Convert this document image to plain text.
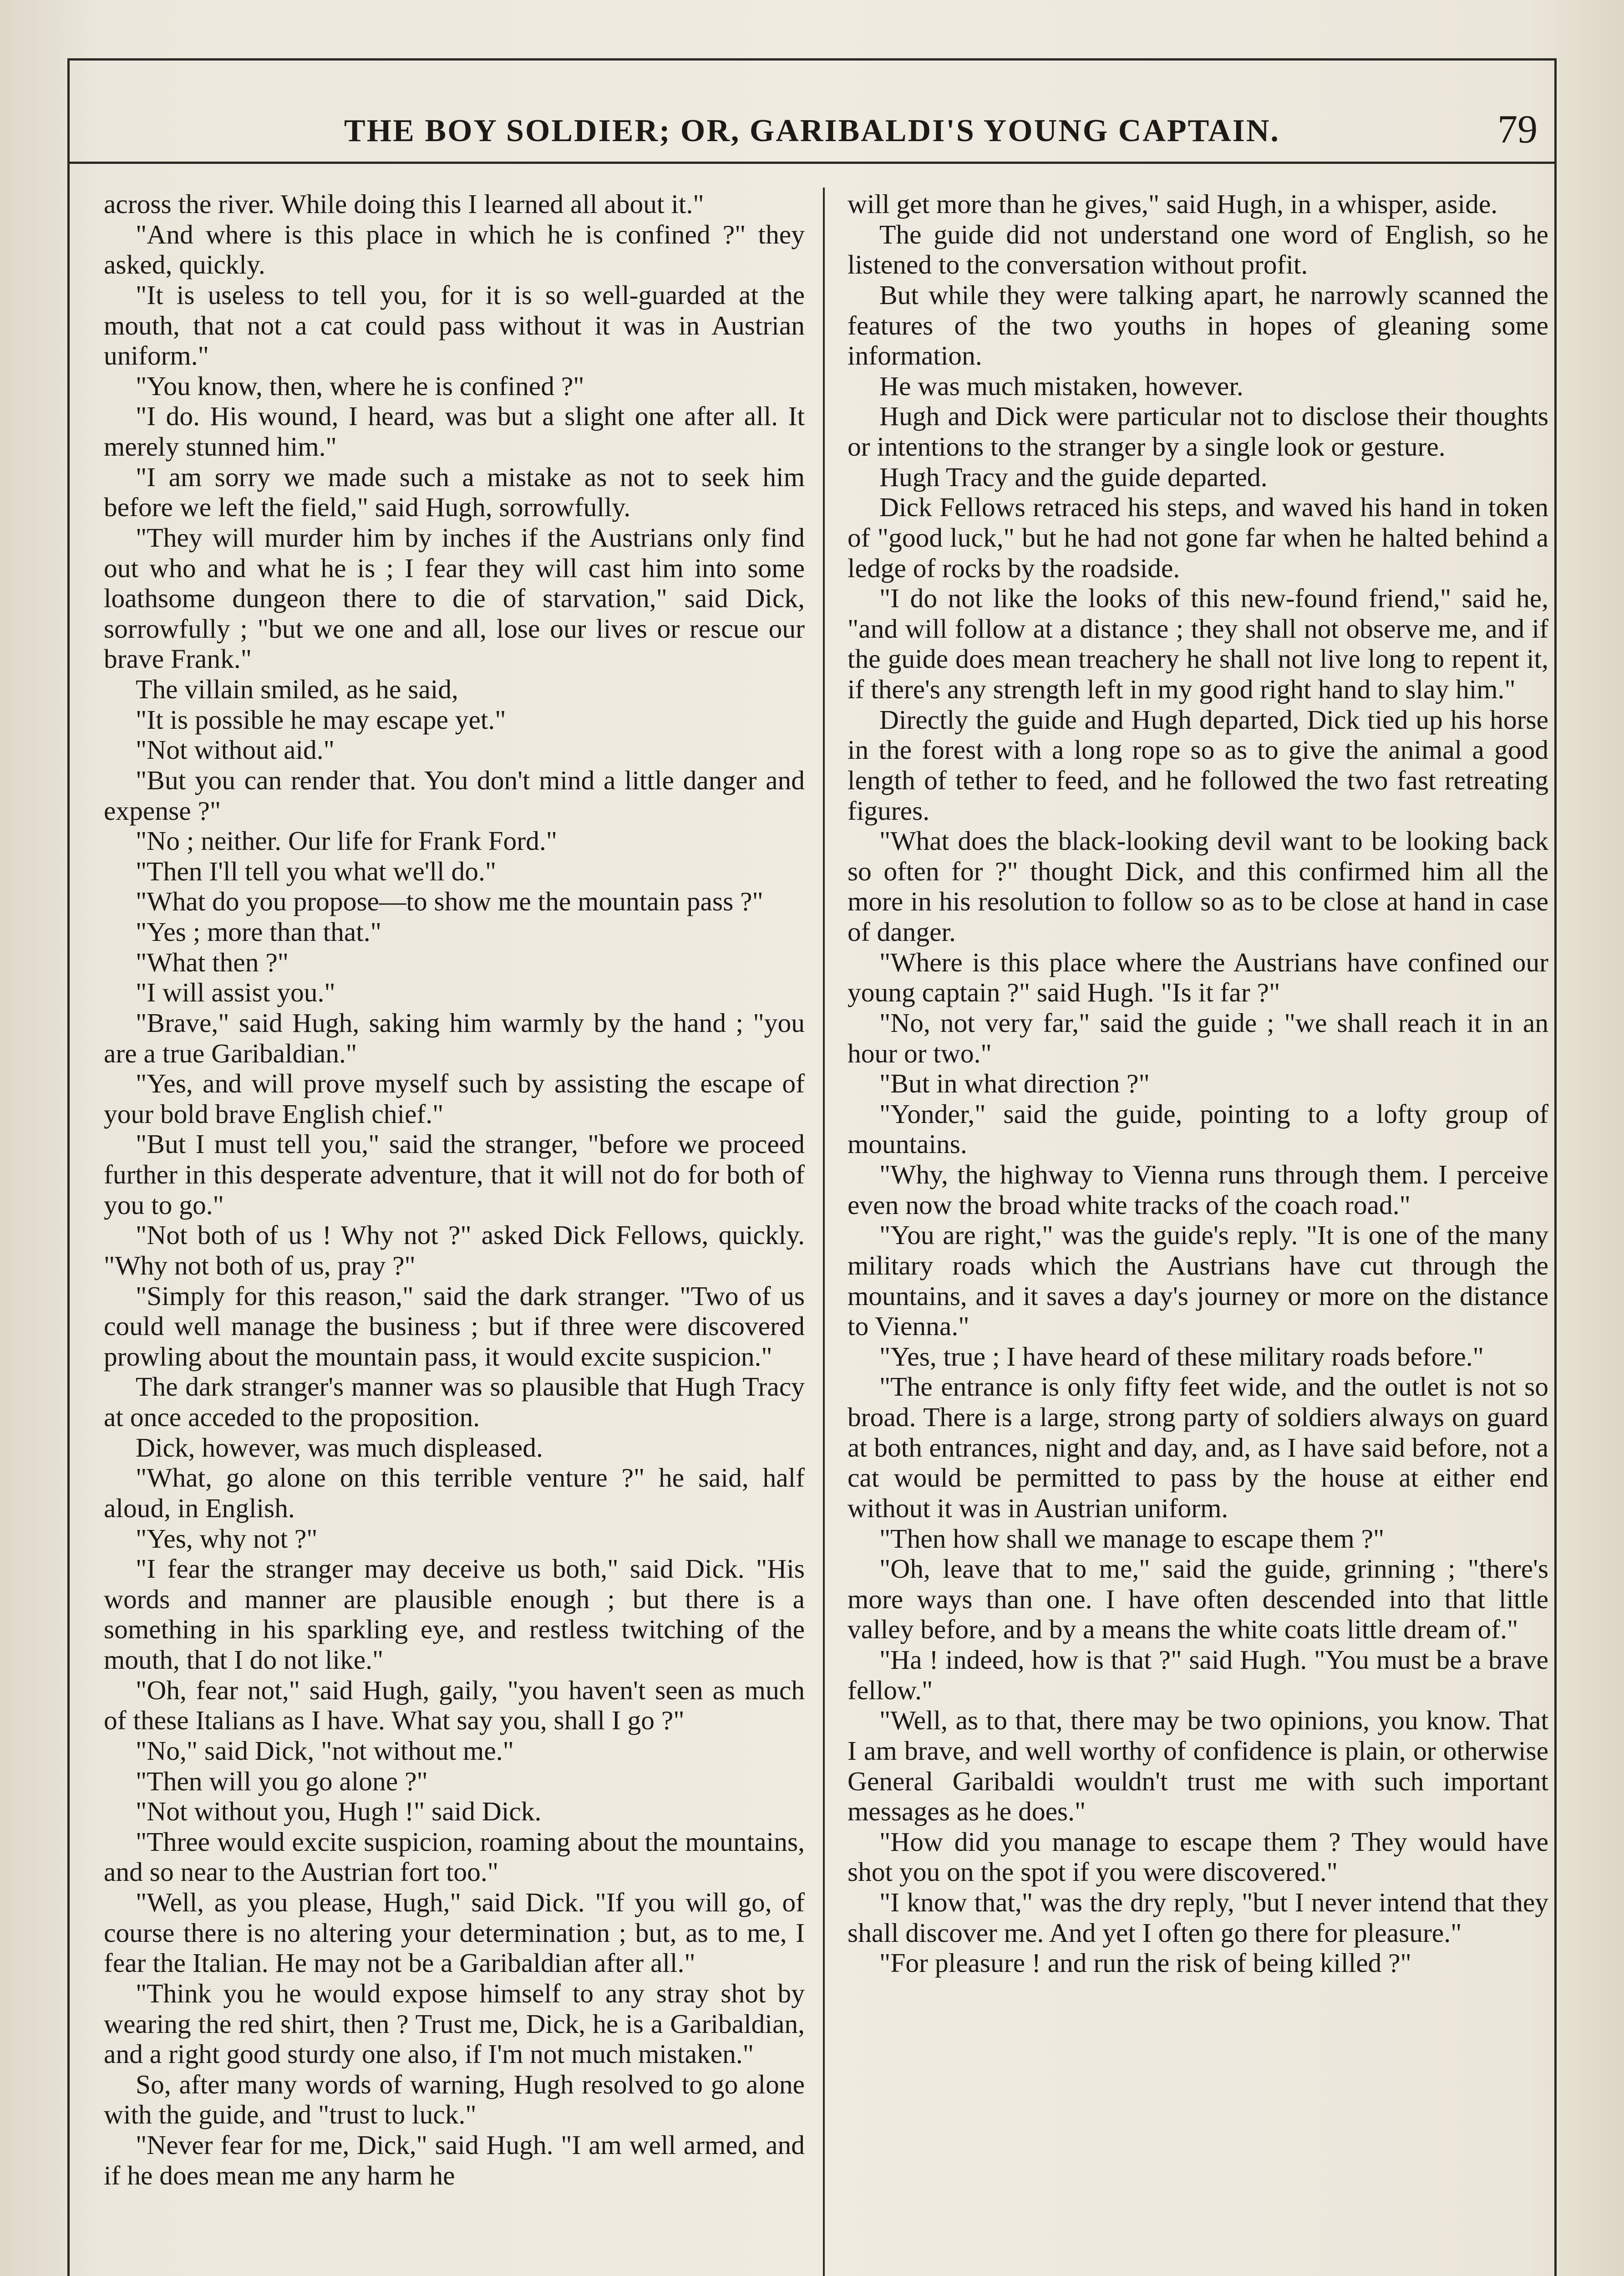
THE BOY SOLDIER; OR, GARIBALDI'S YOUNG CAPTAIN.	79

across the river. While doing this I learned all about it."

"And where is this place in which he is confined ?" they asked, quickly.

"It is useless to tell you, for it is so well-guarded at the mouth, that not a cat could pass without it was in Austrian uniform."

"You know, then, where he is confined ?"

"I do. His wound, I heard, was but a slight one after all. It merely stunned him."

"I am sorry we made such a mistake as not to seek him before we left the field," said Hugh, sorrowfully.

"They will murder him by inches if the Austrians only find out who and what he is ; I fear they will cast him into some loathsome dungeon there to die of starvation," said Dick, sorrowfully ; "but we one and all, lose our lives or rescue our brave Frank."

The villain smiled, as he said,

"It is possible he may escape yet."

"Not without aid."

"But you can render that. You don't mind a little danger and expense ?"

"No ; neither. Our life for Frank Ford."

"Then I'll tell you what we'll do."

"What do you propose—to show me the mountain pass ?"

"Yes ; more than that."

"What then ?"

"I will assist you."

"Brave," said Hugh, saking him warmly by the hand ; "you are a true Garibaldian."

"Yes, and will prove myself such by assisting the escape of your bold brave English chief."

"But I must tell you," said the stranger, "before we proceed further in this desperate adventure, that it will not do for both of you to go."

"Not both of us ! Why not ?" asked Dick Fellows, quickly. "Why not both of us, pray ?"

"Simply for this reason," said the dark stranger. "Two of us could well manage the business ; but if three were discovered prowling about the mountain pass, it would excite suspicion."

The dark stranger's manner was so plausible that Hugh Tracy at once acceded to the proposition.

Dick, however, was much displeased.

"What, go alone on this terrible venture ?" he said, half aloud, in English.

"Yes, why not ?"

"I fear the stranger may deceive us both," said Dick. "His words and manner are plausible enough ; but there is a something in his sparkling eye, and restless twitching of the mouth, that I do not like."

"Oh, fear not," said Hugh, gaily, "you haven't seen as much of these Italians as I have. What say you, shall I go ?"

"No," said Dick, "not without me."

"Then will you go alone ?"

"Not without you, Hugh !" said Dick.

"Three would excite suspicion, roaming about the mountains, and so near to the Austrian fort too."

"Well, as you please, Hugh," said Dick. "If you will go, of course there is no altering your determination ; but, as to me, I fear the Italian. He may not be a Garibaldian after all."

"Think you he would expose himself to any stray shot by wearing the red shirt, then ? Trust me, Dick, he is a Garibaldian, and a right good sturdy one also, if I'm not much mistaken."

So, after many words of warning, Hugh resolved to go alone with the guide, and "trust to luck."

"Never fear for me, Dick," said Hugh. "I am well armed, and if he does mean me any harm he

will get more than he gives," said Hugh, in a whisper, aside.

The guide did not understand one word of English, so he listened to the conversation without profit.

But while they were talking apart, he narrowly scanned the features of the two youths in hopes of gleaning some information.

He was much mistaken, however.

Hugh and Dick were particular not to disclose their thoughts or intentions to the stranger by a single look or gesture.

Hugh Tracy and the guide departed.

Dick Fellows retraced his steps, and waved his hand in token of "good luck," but he had not gone far when he halted behind a ledge of rocks by the roadside.

"I do not like the looks of this new-found friend," said he, "and will follow at a distance ; they shall not observe me, and if the guide does mean treachery he shall not live long to repent it, if there's any strength left in my good right hand to slay him."

Directly the guide and Hugh departed, Dick tied up his horse in the forest with a long rope so as to give the animal a good length of tether to feed, and he followed the two fast retreating figures.

"What does the black-looking devil want to be looking back so often for ?" thought Dick, and this confirmed him all the more in his resolution to follow so as to be close at hand in case of danger.

"Where is this place where the Austrians have confined our young captain ?" said Hugh. "Is it far ?"

"No, not very far," said the guide ; "we shall reach it in an hour or two."

"But in what direction ?"

"Yonder," said the guide, pointing to a lofty group of mountains.

"Why, the highway to Vienna runs through them. I perceive even now the broad white tracks of the coach road."

"You are right," was the guide's reply. "It is one of the many military roads which the Austrians have cut through the mountains, and it saves a day's journey or more on the distance to Vienna."

"Yes, true ; I have heard of these military roads before."

"The entrance is only fifty feet wide, and the outlet is not so broad. There is a large, strong party of soldiers always on guard at both entrances, night and day, and, as I have said before, not a cat would be permitted to pass by the house at either end without it was in Austrian uniform.

"Then how shall we manage to escape them ?"

"Oh, leave that to me," said the guide, grinning ; "there's more ways than one. I have often descended into that little valley before, and by a means the white coats little dream of."

"Ha ! indeed, how is that ?" said Hugh. "You must be a brave fellow."

"Well, as to that, there may be two opinions, you know. That I am brave, and well worthy of confidence is plain, or otherwise General Garibaldi wouldn't trust me with such important messages as he does."

"How did you manage to escape them ? They would have shot you on the spot if you were discovered."

"I know that," was the dry reply, "but I never intend that they shall discover me. And yet I often go there for pleasure."

"For pleasure ! and run the risk of being killed ?"
